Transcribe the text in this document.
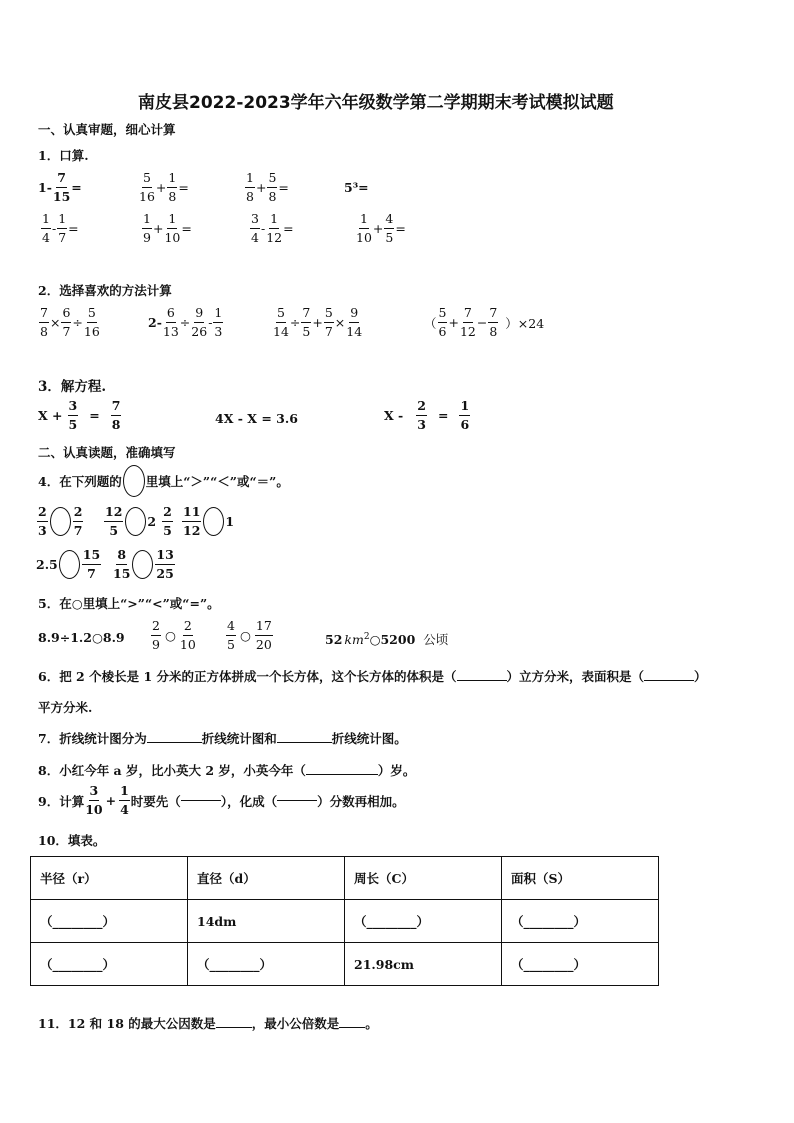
南皮县2022-2023学年六年级数学第二学期期末考试模拟试题
一、认真审题，细心计算
1．口算.
$1- \frac{7}{15}$ =	$\frac{5}{16} + \frac{1}{8}$ =	$\frac{1}{8} + \frac{5}{8}$ =	5³=
$\frac{1}{4} - \frac{1}{7}$ =	$\frac{1}{9} + \frac{1}{10}$ =	$\frac{3}{4} - \frac{1}{12}$ =	$\frac{1}{10} + \frac{4}{5}$ =
2．选择喜欢的方法计算
$\frac{7}{8} \times \frac{6}{7} \div \frac{5}{16}$	$2- \frac{6}{13} \div \frac{9}{26} - \frac{1}{3}$	$\frac{5}{14} \div \frac{7}{5} + \frac{5}{7} \times \frac{9}{14}$	（ $\frac{5}{6} + \frac{7}{12} - \frac{7}{8} )\times 24$
3．解方程.
$X + \frac{3}{5} = \frac{7}{8}$	4X - X = 3.6	$X - \frac{2}{3} = \frac{1}{6}$
二、认真读题，准确填写
4．在下列题的 里填上“＞”“＜”或“＝”。
$\frac{2}{3} \frac{2}{7} \frac{12}{5} 2 \frac{2}{5} \frac{11}{12} 1$
$2.5 \frac{15}{7} \frac{8}{15} \frac{13}{25}$
5．在○里填上“>”“<”或“=”。
8.9÷1.2○8.9 $\frac{2}{9}$ ○ $\frac{2}{10} \frac{4}{5}$ ○ $\frac{17}{20}$	52 $km^2○5200$ 公顷
6．把 2 个棱长是 1 分米的正方体拼成一个长方体，这个长方体的体积是（	）立方分米，表面积是（	）
平方分米.
7．折线统计图分为	折线统计图和	折线统计图。
8．小红今年 a 岁，比小英大 2 岁，小英今年（	）岁。
9．计算 $\frac{3}{10} + \frac{1}{4}$ 时要先（	），化成（	）分数再相加。
10．填表。
半径（r）	直径（d）	周长（C）	面积（S）
（________）	14dm	（________）	（________）
（________）	（________）	21.98cm	（________）
11．12 和 18 的最大公因数是	，最小公倍数是 。
